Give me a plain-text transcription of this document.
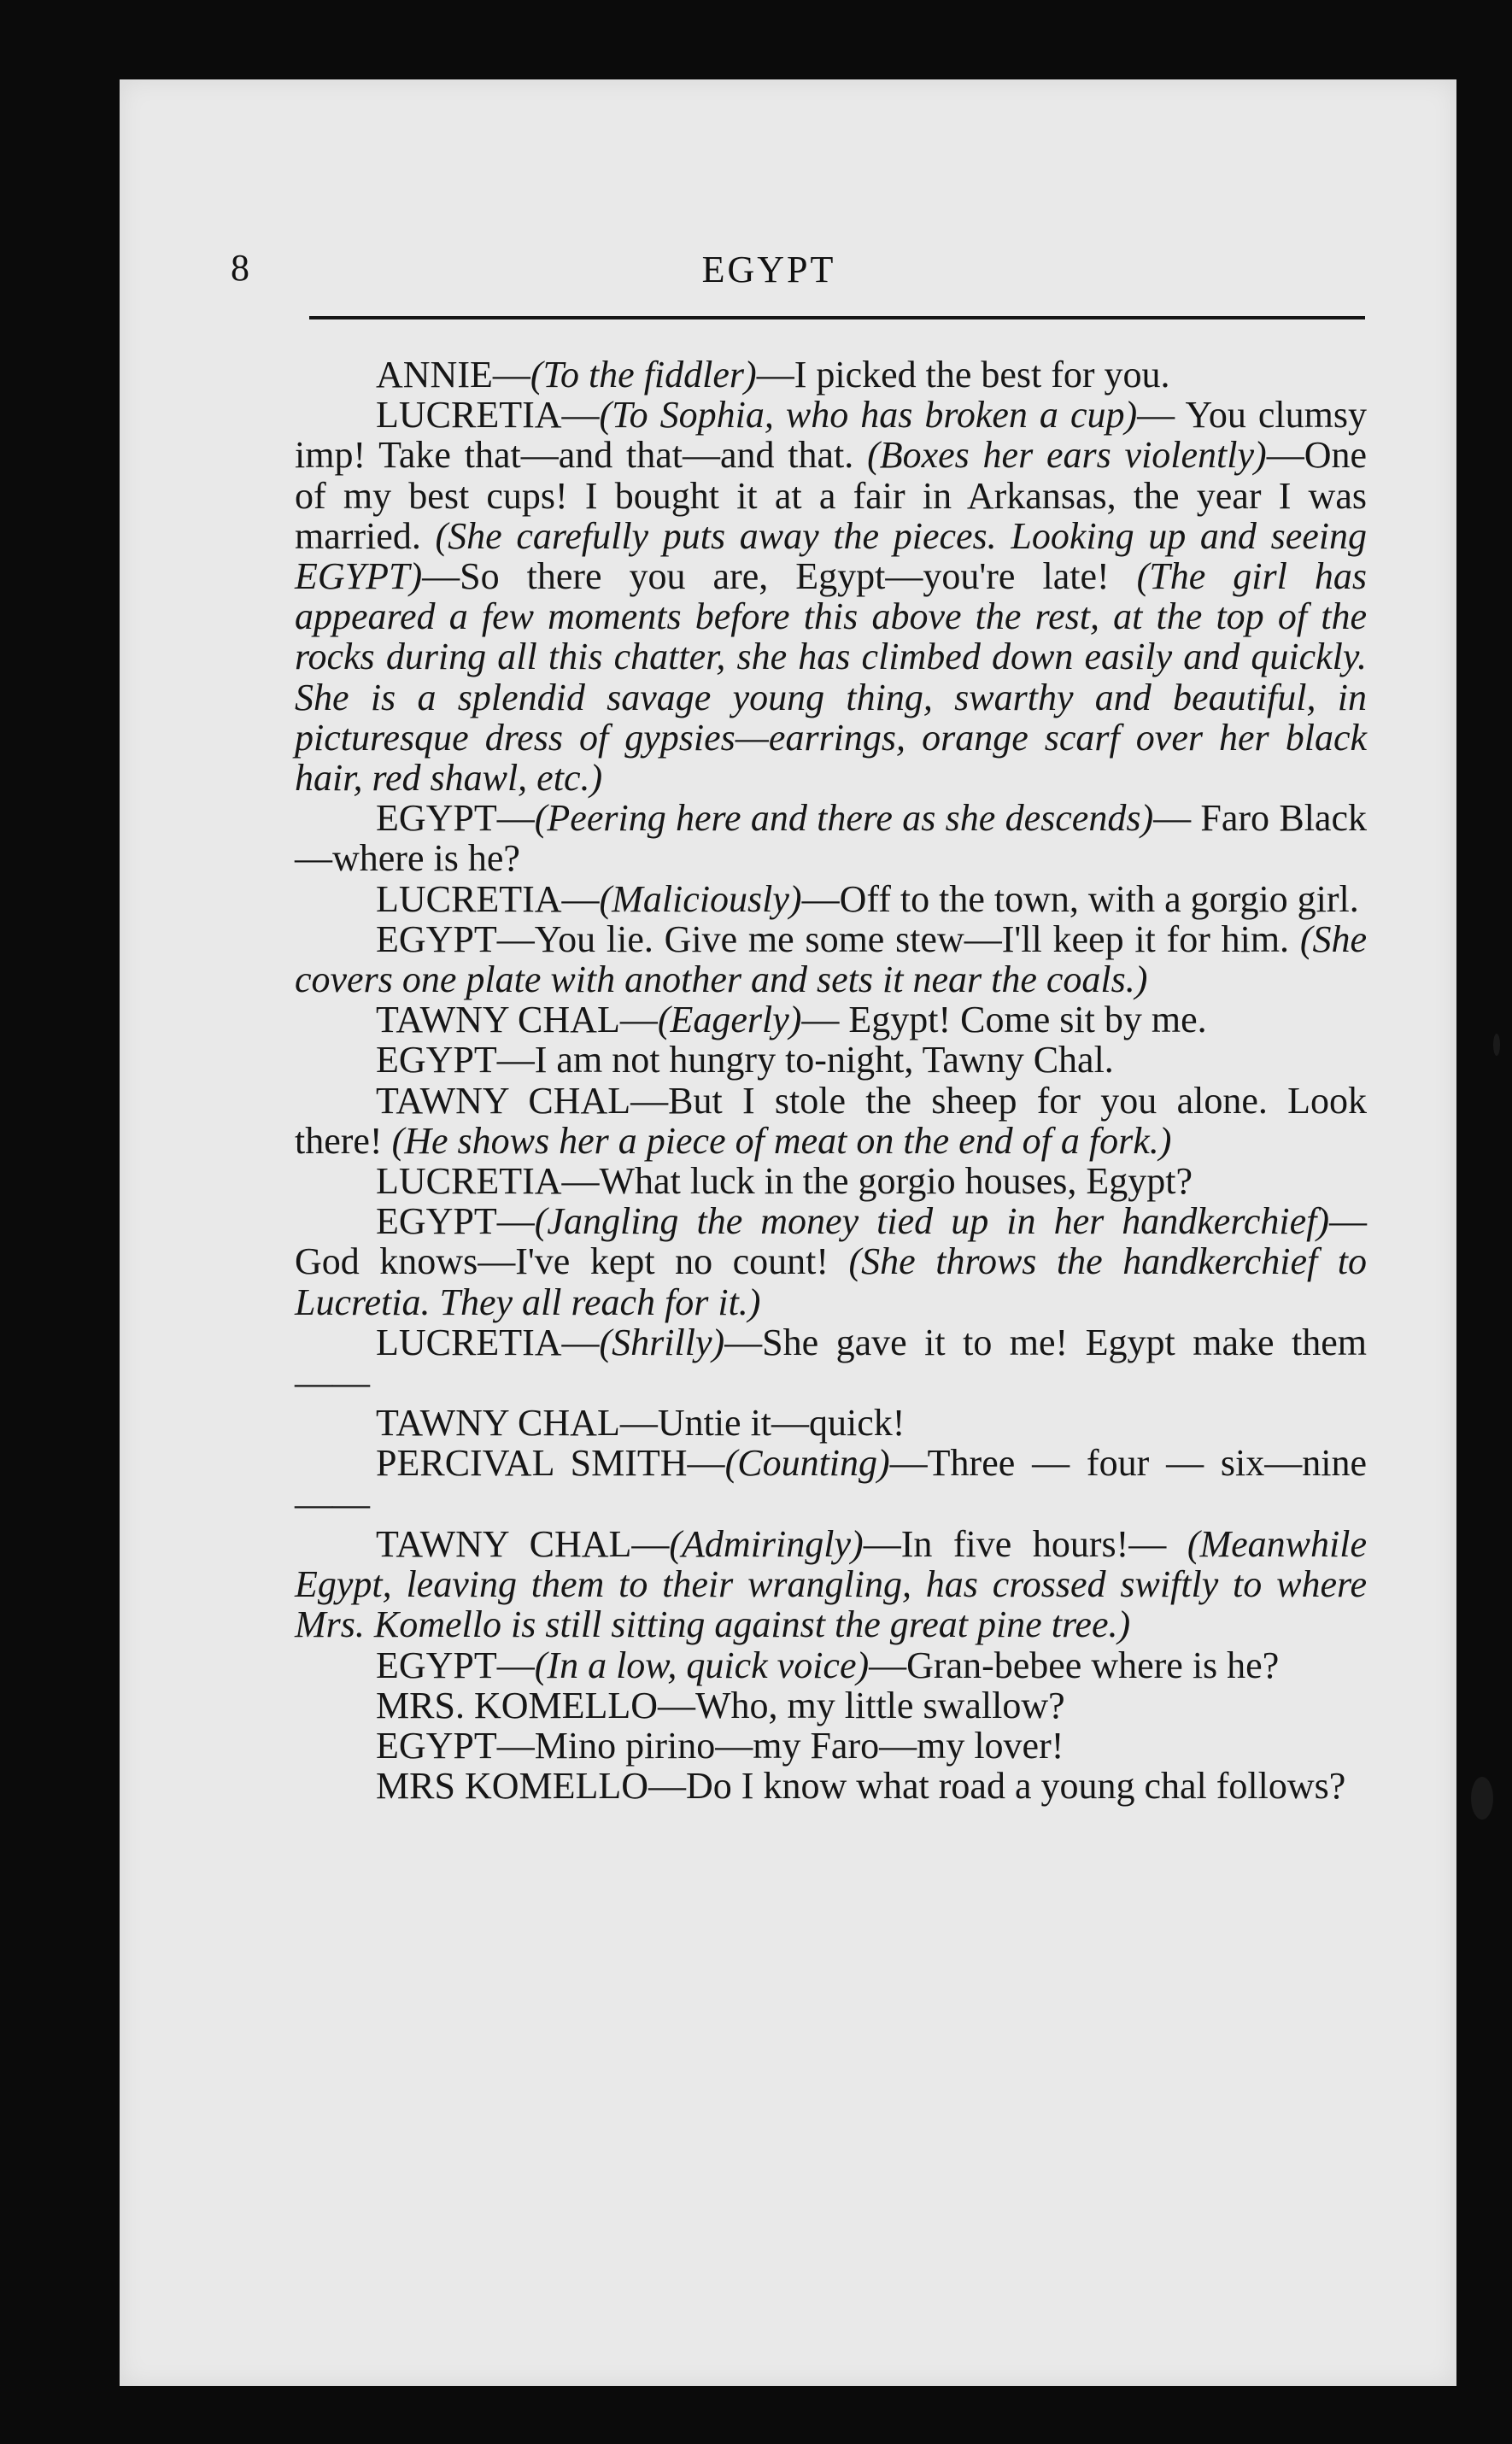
8	EGYPT

ANNIE—(To the fiddler)—I picked the best for you.

LUCRETIA—(To Sophia, who has broken a cup)— You clumsy imp! Take that—and that—and that. (Boxes her ears violently)—One of my best cups! I bought it at a fair in Arkansas, the year I was married. (She carefully puts away the pieces. Looking up and seeing EGYPT)—So there you are, Egypt—you're late! (The girl has appeared a few moments before this above the rest, at the top of the rocks during all this chatter, she has climbed down easily and quickly. She is a splendid savage young thing, swarthy and beautiful, in picturesque dress of gypsies—earrings, orange scarf over her black hair, red shawl, etc.)

EGYPT—(Peering here and there as she descends)— Faro Black—where is he?

LUCRETIA—(Maliciously)—Off to the town, with a gorgio girl.

EGYPT—You lie. Give me some stew—I'll keep it for him. (She covers one plate with another and sets it near the coals.)

TAWNY CHAL—(Eagerly)— Egypt! Come sit by me.

EGYPT—I am not hungry to-night, Tawny Chal.

TAWNY CHAL—But I stole the sheep for you alone. Look there! (He shows her a piece of meat on the end of a fork.)

LUCRETIA—What luck in the gorgio houses, Egypt?

EGYPT—(Jangling the money tied up in her handkerchief)—God knows—I've kept no count! (She throws the handkerchief to Lucretia. They all reach for it.)

LUCRETIA—(Shrilly)—She gave it to me! Egypt make them——

TAWNY CHAL—Untie it—quick!

PERCIVAL SMITH—(Counting)—Three — four — six—nine——

TAWNY CHAL—(Admiringly)—In five hours!— (Meanwhile Egypt, leaving them to their wrangling, has crossed swiftly to where Mrs. Komello is still sitting against the great pine tree.)

EGYPT—(In a low, quick voice)—Gran-bebee where is he?

MRS. KOMELLO—Who, my little swallow?

EGYPT—Mino pirino—my Faro—my lover!

MRS KOMELLO—Do I know what road a young chal follows?
